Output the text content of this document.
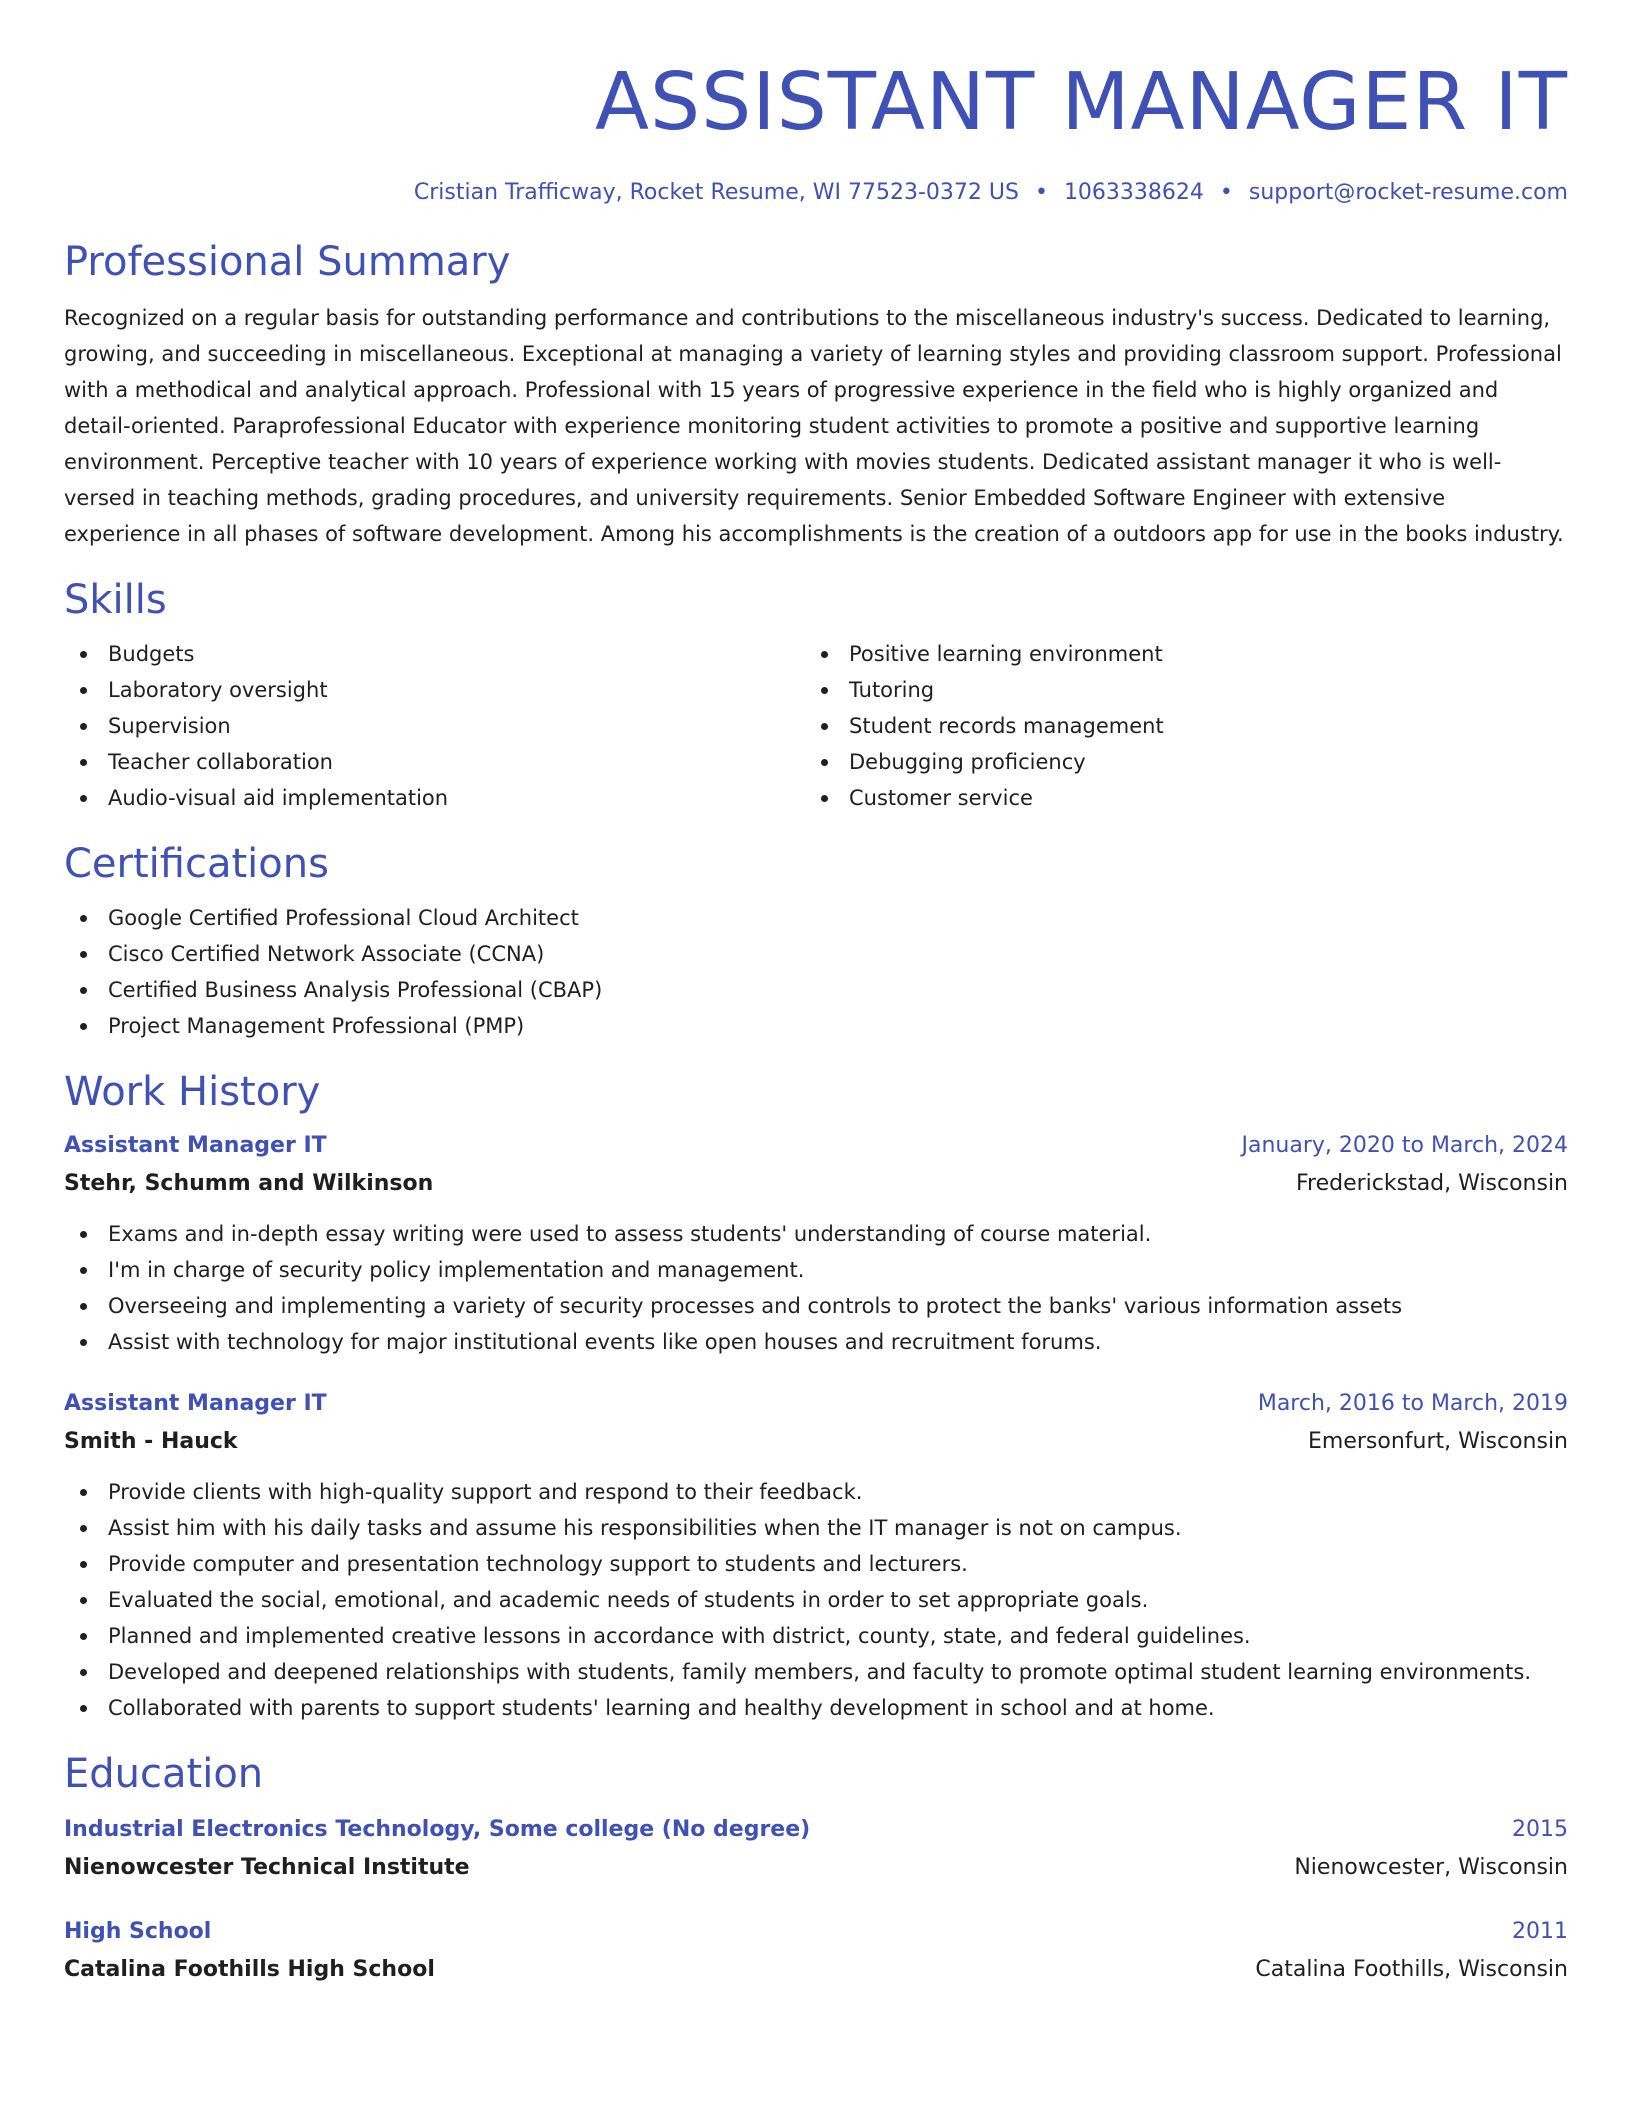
ASSISTANT MANAGER IT
Cristian Trafficway, Rocket Resume, WI 77523-0372 US • 1063338624 • support@rocket-resume.com
Professional Summary
Recognized on a regular basis for outstanding performance and contributions to the miscellaneous industry's success. Dedicated to learning, growing, and succeeding in miscellaneous. Exceptional at managing a variety of learning styles and providing classroom support. Professional with a methodical and analytical approach. Professional with 15 years of progressive experience in the field who is highly organized and detail-oriented. Paraprofessional Educator with experience monitoring student activities to promote a positive and supportive learning environment. Perceptive teacher with 10 years of experience working with movies students. Dedicated assistant manager it who is well-versed in teaching methods, grading procedures, and university requirements. Senior Embedded Software Engineer with extensive experience in all phases of software development. Among his accomplishments is the creation of a outdoors app for use in the books industry.
Skills
Budgets
Laboratory oversight
Supervision
Teacher collaboration
Audio-visual aid implementation
Positive learning environment
Tutoring
Student records management
Debugging proficiency
Customer service
Certifications
Google Certified Professional Cloud Architect
Cisco Certified Network Associate (CCNA)
Certified Business Analysis Professional (CBAP)
Project Management Professional (PMP)
Work History
Assistant Manager IT	January, 2020 to March, 2024
Stehr, Schumm and Wilkinson	Frederickstad, Wisconsin
Exams and in-depth essay writing were used to assess students' understanding of course material.
I'm in charge of security policy implementation and management.
Overseeing and implementing a variety of security processes and controls to protect the banks' various information assets
Assist with technology for major institutional events like open houses and recruitment forums.
Assistant Manager IT	March, 2016 to March, 2019
Smith - Hauck	Emersonfurt, Wisconsin
Provide clients with high-quality support and respond to their feedback.
Assist him with his daily tasks and assume his responsibilities when the IT manager is not on campus.
Provide computer and presentation technology support to students and lecturers.
Evaluated the social, emotional, and academic needs of students in order to set appropriate goals.
Planned and implemented creative lessons in accordance with district, county, state, and federal guidelines.
Developed and deepened relationships with students, family members, and faculty to promote optimal student learning environments.
Collaborated with parents to support students' learning and healthy development in school and at home.
Education
Industrial Electronics Technology, Some college (No degree)	2015
Nienowcester Technical Institute	Nienowcester, Wisconsin
High School	2011
Catalina Foothills High School	Catalina Foothills, Wisconsin
